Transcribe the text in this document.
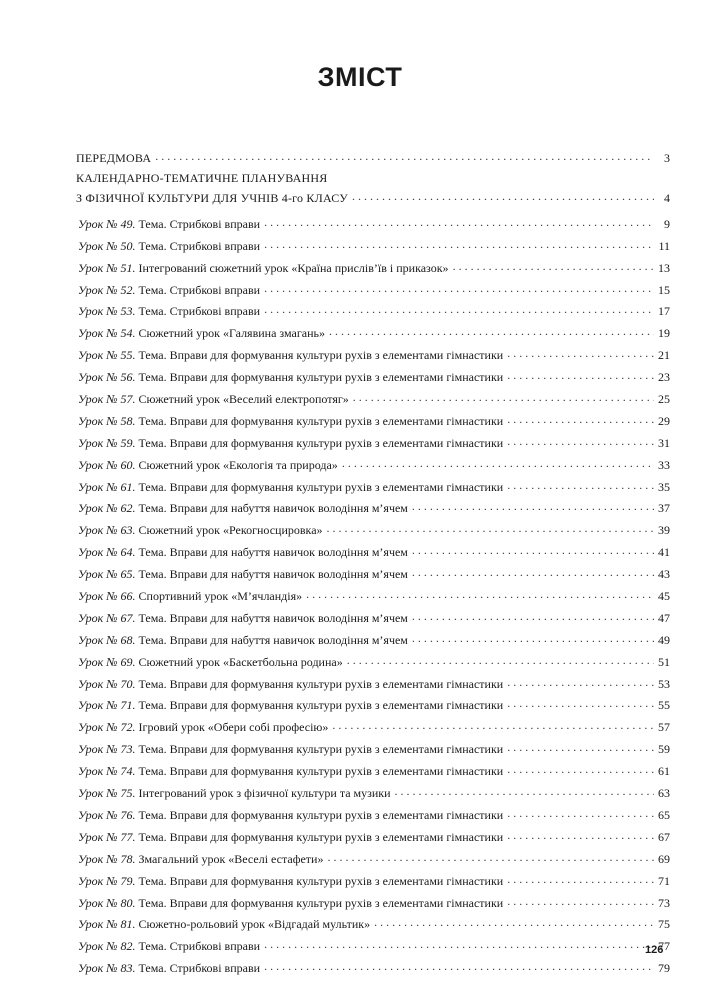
ЗМІСТ
ПЕРЕДМОВА . . .	3
КАЛЕНДАРНО-ТЕМАТИЧНЕ ПЛАНУВАННЯ
З ФІЗИЧНОЇ КУЛЬТУРИ ДЛЯ УЧНІВ 4-го КЛАСУ . . .	4
Урок № 49. Тема. Стрибкові вправи . . .	9
Урок № 50. Тема. Стрибкові вправи . . .	11
Урок № 51. Інтегрований сюжетний урок «Країна прислів’їв і приказок» . . .	13
Урок № 52. Тема. Стрибкові вправи . . .	15
Урок № 53. Тема. Стрибкові вправи . . .	17
Урок № 54. Сюжетний урок «Галявина змагань» . . .	19
Урок № 55. Тема. Вправи для формування культури рухів з елементами гімнастики . . .	21
Урок № 56. Тема. Вправи для формування культури рухів з елементами гімнастики . . .	23
Урок № 57. Сюжетний урок «Веселий електропотяг» . . .	25
Урок № 58. Тема. Вправи для формування культури рухів з елементами гімнастики . . .	29
Урок № 59. Тема. Вправи для формування культури рухів з елементами гімнастики . . .	31
Урок № 60. Сюжетний урок «Екологія та природа» . . .	33
Урок № 61. Тема. Вправи для формування культури рухів з елементами гімнастики . . .	35
Урок № 62. Тема. Вправи для набуття навичок володіння м’ячем . . .	37
Урок № 63. Сюжетний урок «Рекогносцировка» . . .	39
Урок № 64. Тема. Вправи для набуття навичок володіння м’ячем . . .	41
Урок № 65. Тема. Вправи для набуття навичок володіння м’ячем . . .	43
Урок № 66. Спортивний урок «М’ячландія» . . .	45
Урок № 67. Тема. Вправи для набуття навичок володіння м’ячем . . .	47
Урок № 68. Тема. Вправи для набуття навичок володіння м’ячем . . .	49
Урок № 69. Сюжетний урок «Баскетбольна родина» . . .	51
Урок № 70. Тема. Вправи для формування культури рухів з елементами гімнастики . . .	53
Урок № 71. Тема. Вправи для формування культури рухів з елементами гімнастики . . .	55
Урок № 72. Ігровий урок «Обери собі професію» . . .	57
Урок № 73. Тема. Вправи для формування культури рухів з елементами гімнастики . . .	59
Урок № 74. Тема. Вправи для формування культури рухів з елементами гімнастики . . .	61
Урок № 75. Інтегрований урок з фізичної культури та музики . . .	63
Урок № 76. Тема. Вправи для формування культури рухів з елементами гімнастики . . .	65
Урок № 77. Тема. Вправи для формування культури рухів з елементами гімнастики . . .	67
Урок № 78. Змагальний урок «Веселі естафети» . . .	69
Урок № 79. Тема. Вправи для формування культури рухів з елементами гімнастики . . .	71
Урок № 80. Тема. Вправи для формування культури рухів з елементами гімнастики . . .	73
Урок № 81. Сюжетно-рольовий урок «Відгадай мультик» . . .	75
Урок № 82. Тема. Стрибкові вправи . . .	77
Урок № 83. Тема. Стрибкові вправи . . .	79
126
